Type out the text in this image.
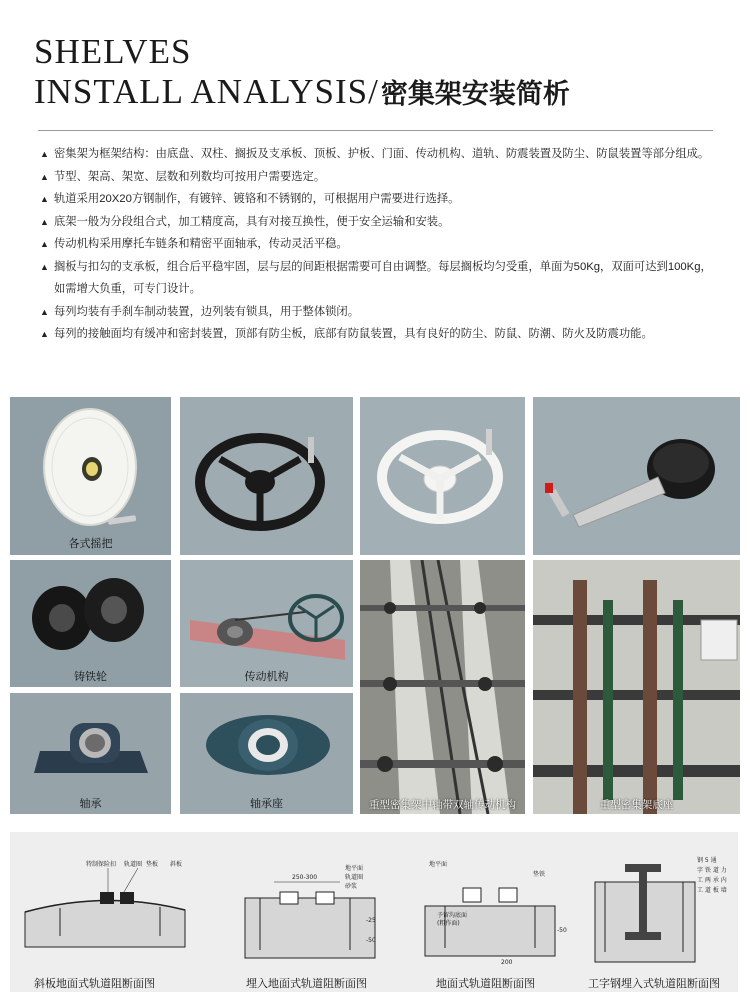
SHELVES
INSTALL ANALYSIS/密集架安装简析
▲ 密集架为框架结构：由底盘、双柱、搁扳及支承板、顶板、护板、门面、传动机构、道轨、防震装置及防尘、防鼠装置等部分组成。
▲ 节型、架高、架宽、层数和列数均可按用户需要选定。
▲ 轨道采用20X20方钢制作，有镀锌、镀铬和不锈钢的，可根据用户需要进行选择。
▲ 底架一般为分段组合式，加工精度高，具有对接互换性，便于安全运输和安装。
▲ 传动机构采用摩托车链条和精密平面轴承，传动灵活平稳。
▲ 搁板与扣勾的支承板，组合后平稳牢固，层与层的间距根据需要可自由调整。每层搁板均匀受重，单面为50Kg，双面可达到100Kg，如需增大负重，可专门设计。
▲ 每列均装有手刹车制动装置，边列装有锁具，用于整体锁闭。
▲ 每列的接触面均有缓冲和密封装置，顶部有防尘板，底部有防鼠装置，具有良好的防尘、防鼠、防潮、防火及防震功能。
各式摇把
铸铁轮	传动机构
轴承	轴承座	重型密集架中轴带双轴传动机构	重型密集架底座
特制保险扣 轨道圈 垫板 斜板
斜板地面式轨道阻断面图
250-300
地平面
轨道圈
砂浆
-25
-50
埋入地面式轨道阻断面图
地平面
垫铁
予留沟底面
(粗作面)
200
-50
地面式轨道阻断面图
钢 5 通
字 铁 道 力
工 两 承 内
工 道 板 墙
工字钢埋入式轨道阻断面图
